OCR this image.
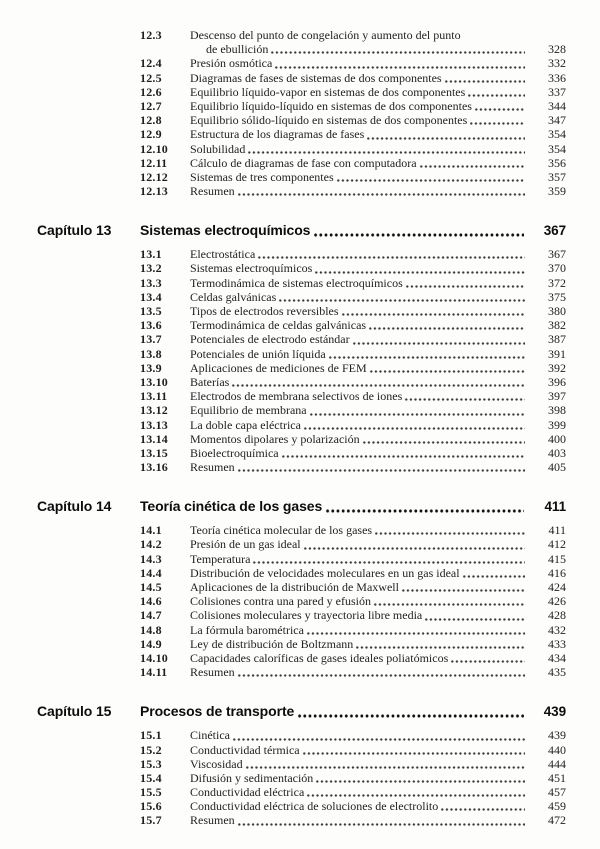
12.3	Descenso del punto de congelación y aumento del punto
de ebullición	328
12.4	Presión osmótica	332
12.5	Diagramas de fases de sistemas de dos componentes	336
12.6	Equilibrio líquido-vapor en sistemas de dos componentes	337
12.7	Equilibrio líquido-líquido en sistemas de dos componentes	344
12.8	Equilibrio sólido-líquido en sistemas de dos componentes	347
12.9	Estructura de los diagramas de fases	354
12.10	Solubilidad	354
12.11	Cálculo de diagramas de fase con computadora	356
12.12	Sistemas de tres componentes	357
12.13	Resumen	359
Capítulo 13	Sistemas electroquímicos	367
13.1	Electrostática	367
13.2	Sistemas electroquímicos	370
13.3	Termodinámica de sistemas electroquímicos	372
13.4	Celdas galvánicas	375
13.5	Tipos de electrodos reversibles	380
13.6	Termodinámica de celdas galvánicas	382
13.7	Potenciales de electrodo estándar	387
13.8	Potenciales de unión líquida	391
13.9	Aplicaciones de mediciones de FEM	392
13.10	Baterías	396
13.11	Electrodos de membrana selectivos de iones	397
13.12	Equilibrio de membrana	398
13.13	La doble capa eléctrica	399
13.14	Momentos dipolares y polarización	400
13.15	Bioelectroquímica	403
13.16	Resumen	405
Capítulo 14	Teoría cinética de los gases	411
14.1	Teoría cinética molecular de los gases	411
14.2	Presión de un gas ideal	412
14.3	Temperatura	415
14.4	Distribución de velocidades moleculares en un gas ideal	416
14.5	Aplicaciones de la distribución de Maxwell	424
14.6	Colisiones contra una pared y efusión	426
14.7	Colisiones moleculares y trayectoria libre media	428
14.8	La fórmula barométrica	432
14.9	Ley de distribución de Boltzmann	433
14.10	Capacidades caloríficas de gases ideales poliatómicos	434
14.11	Resumen	435
Capítulo 15	Procesos de transporte	439
15.1	Cinética	439
15.2	Conductividad térmica	440
15.3	Viscosidad	444
15.4	Difusión y sedimentación	451
15.5	Conductividad eléctrica	457
15.6	Conductividad eléctrica de soluciones de electrolito	459
15.7	Resumen	472
